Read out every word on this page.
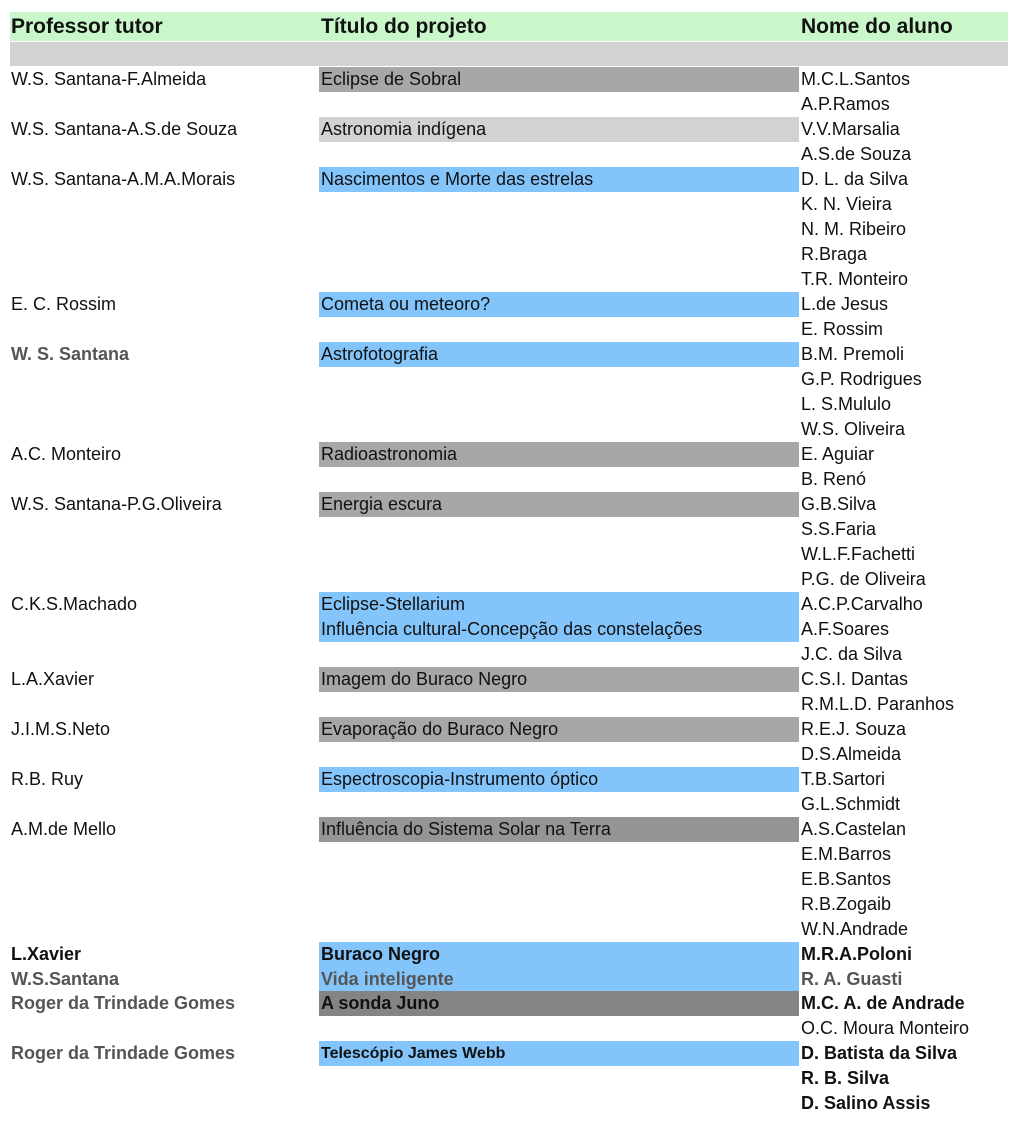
Professor tutor	Título do projeto	Nome do aluno
W.S. Santana-F.Almeida	Eclipse de Sobral	M.C.L.Santos
A.P.Ramos
W.S. Santana-A.S.de Souza	Astronomia indígena	V.V.Marsalia
A.S.de Souza
W.S. Santana-A.M.A.Morais	Nascimentos e Morte das estrelas	D. L. da Silva
K. N. Vieira
N. M. Ribeiro
R.Braga
T.R. Monteiro
E. C. Rossim	Cometa ou meteoro?	L.de Jesus
E. Rossim
W. S. Santana	Astrofotografia	B.M. Premoli
G.P. Rodrigues
L. S.Mululo
W.S. Oliveira
A.C. Monteiro	Radioastronomia	E. Aguiar
B. Renó
W.S. Santana-P.G.Oliveira	Energia escura	G.B.Silva
S.S.Faria
W.L.F.Fachetti
P.G. de Oliveira
C.K.S.Machado	Eclipse-Stellarium	A.C.P.Carvalho
Influência cultural-Concepção das constelações	A.F.Soares
J.C. da Silva
L.A.Xavier	Imagem do Buraco Negro	C.S.I. Dantas
R.M.L.D. Paranhos
J.I.M.S.Neto	Evaporação do Buraco Negro	R.E.J. Souza
D.S.Almeida
R.B. Ruy	Espectroscopia-Instrumento óptico	T.B.Sartori
G.L.Schmidt
A.M.de Mello	Influência do Sistema Solar na Terra	A.S.Castelan
E.M.Barros
E.B.Santos
R.B.Zogaib
W.N.Andrade
L.Xavier	Buraco Negro	M.R.A.Poloni
W.S.Santana	Vida inteligente	R. A. Guasti
Roger da Trindade Gomes	A sonda Juno	M.C. A. de Andrade
O.C. Moura Monteiro
Roger da Trindade Gomes	Telescópio James Webb	D. Batista da Silva
R. B. Silva
D. Salino Assis
